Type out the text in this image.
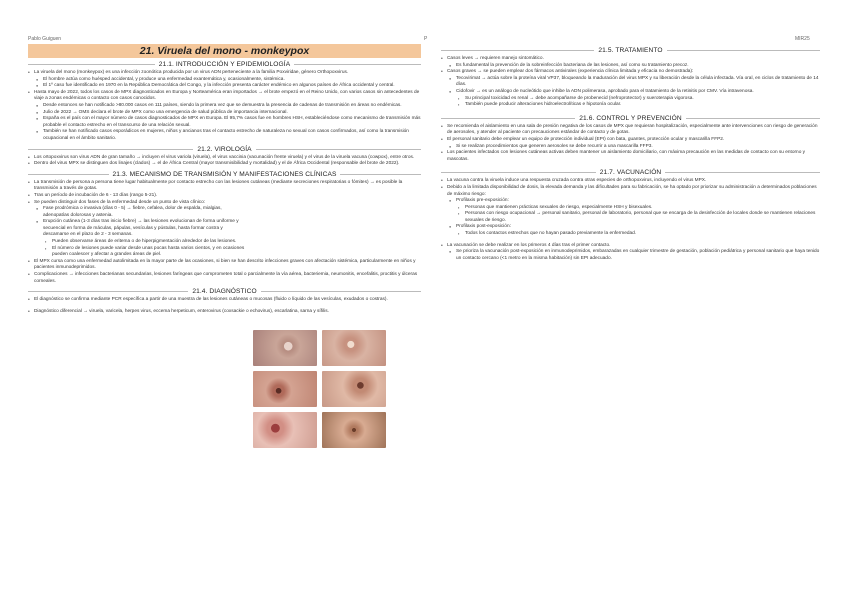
Pablo Guiguen	P	MIR25
21. Viruela del mono - monkeypox
21.1. INTRODUCCIÓN Y EPIDEMIOLOGÍA
• La viruela del mono (monkeypox) es una infección zoonótica producida por un virus ADN perteneciente a la familia Poxviridae, género Orthopoxvirus.
● El hombre actúa como huésped accidental, y produce una enfermedad exantemática y, ocasionalmente, sistémica.
● El 1º caso fue identificado en 1970 en la República Democrática del Congo, y la infección presenta carácter endémico en algunos países de África occidental y central.
• Hasta mayo de 2022, todos los casos de MPX diagnosticados en Europa y Norteamérica eran importados → el brote empezó en el Reino Unido, con varios casos sin antecedentes de viaje a zonas endémicas o contacto con casos conocidos.
● Desde entonces se han notificado >80.000 casos en 111 países, siendo la primera vez que se demuestra la presencia de cadenas de transmisión en áreas no endémicas.
● Julio de 2022 → OMS declara el brote de MPX como una emergencia de salud pública de importancia internacional.
● España es el país con el mayor número de casos diagnosticados de MPX en Europa. El 95,7% casos fue en hombres HSH, estableciéndose como mecanismo de transmisión más probable el contacto estrecho en el transcurso de una relación sexual.
● También se han notificado casos esporádicos en mujeres, niños y ancianos tras el contacto estrecho de naturaleza no sexual con casos confirmados, así como la transmisión ocupacional en el ámbito sanitario.
21.2. VIROLOGÍA
• Los ortopoxvirus son virus ADN de gran tamaño → incluyen el virus variola (viruela), el virus vaccinia (vacunación frente viruela) y el virus de la viruela vacuna (cowpox), entre otros.
• Dentro del virus MPX se distinguen dos linajes (clados) → el de África Central (mayor transmisibilidad y mortalidad) y el de África Occidental (responsable del brote de 2022).
21.3. MECANISMO DE TRANSMISIÓN Y MANIFESTACIONES CLÍNICAS
• La transmisión de persona a persona tiene lugar habitualmente por contacto estrecho con las lesiones cutáneas (mediante secreciones respiratorias o fómites) → es posible la transmisión a través de gotas.
• Tras un período de incubación de 6 - 13 días (rango 5-21).
• Se pueden distinguir dos fases de la enfermedad desde un punto de vista clínico:
● Fase prodrómica o invasiva (días 0 - 5) → fiebre, cefalea, dolor de espalda, mialgias, adenopatías dolorosas y astenia.
● Erupción cutánea (1-3 días tras inicio fiebre) → las lesiones evolucionan de forma uniforme y secuencial en forma de máculas, pápulas, vesículas y pústulas, hasta formar costra y descamarse en el plazo de 2 - 3 semanas.
▪ Pueden observarse áreas de eritema o de hiperpigmentación alrededor de las lesiones.
▪ El número de lesiones puede variar desde unas pocas hasta varios cientos, y en ocasiones pueden coalescer y afectar a grandes áreas de piel.
• El MPX cursa como una enfermedad autolimitada en la mayor parte de las ocasiones, si bien se han descrito infecciones graves con afectación sistémica, particularmente en niños y pacientes inmunodeprimidos.
• Complicaciones → infecciones bacterianas secundarias, lesiones faríngeas que comprometen total o parcialmente la vía aérea, bacteriemia, neumonitis, encefalitis, proctitis y úlceras corneales.
21.4. DIAGNÓSTICO
• El diagnóstico se confirma mediante PCR específica a partir de una muestra de las lesiones cutáneas o mucosas (fluido o líquido de las vesículas, exudados o costras).
• Diagnóstico diferencial → viruela, varicela, herpes virus, eccema herpeticum, enterovirus (coxsackie o echovirus), escarlatina, sarna y sífilis.
21.5. TRATAMIENTO
• Casos leves → requieren manejo sintomático.
● Es fundamental la prevención de la sobreinfección bacteriana de las lesiones, así como su tratamiento precoz.
• Casos graves → se pueden emplear dos fármacos antivirales (experiencia clínica limitada y eficacia no demostrada):
● Tecovirimat → actúa sobre la proteína viral VP37, bloqueando la maduración del virus MPX y su liberación desde la célula infectada. Vía oral, en ciclos de tratamiento de 14 días.
● Cidofovir → es un análogo de nucleótido que inhibe la ADN polimerasa, aprobado para el tratamiento de la retinitis por CMV. Vía intravenosa.
▪ Su principal toxicidad es renal → debe acompañarse de probenecid (nefroprotector) y sueroterapia vigorosa.
▪ También puede producir alteraciones hidroelectrolíticas e hipotonía ocular.
21.6. CONTROL Y PREVENCIÓN
• Se recomienda el aislamiento en una sala de presión negativa de los casos de MPX que requieran hospitalización, especialmente ante intervenciones con riesgo de generación de aerosoles, y atender al paciente con precauciones estándar de contacto y de gotas.
• El personal sanitario debe emplear un equipo de protección individual (EPI) con bata, guantes, protección ocular y mascarilla FFP2.
● Si se realizan procedimientos que generen aerosoles se debe recurrir a una mascarilla FFP3.
• Los pacientes infectados con lesiones cutáneas activas deben mantener un aislamiento domiciliario, con máxima precaución en las medidas de contacto con su entorno y mascotas.
21.7. VACUNACIÓN
• La vacuna contra la viruela induce una respuesta cruzada contra otras especies de orthopoxvirus, incluyendo el virus MPX.
• Debido a la limitada disponibilidad de dosis, la elevada demanda y las dificultades para su fabricación, se ha optado por priorizar su administración a determinados poblaciones de máximo riesgo:
● Profilaxis pre-exposición:
▪ Personas que mantienen prácticas sexuales de riesgo, especialmente HSH y bisexuales.
▪ Personas con riesgo ocupacional → personal sanitario, personal de laboratorio, personal que se encarga de la desinfección de locales donde se mantienen relaciones sexuales de riesgo.
● Profilaxis post-exposición:
▪ Todos los contactos estrechos que no hayan pasado previamente la enfermedad.
• La vacunación se debe realizar en los primeros 4 días tras el primer contacto.
● Se prioriza la vacunación post-exposición en inmunodeprimidos, embarazadas en cualquier trimestre de gestación, población pediátrica y personal sanitario que haya tenido un contacto cercano (<1 metro en la misma habitación) sin EPI adecuado.
